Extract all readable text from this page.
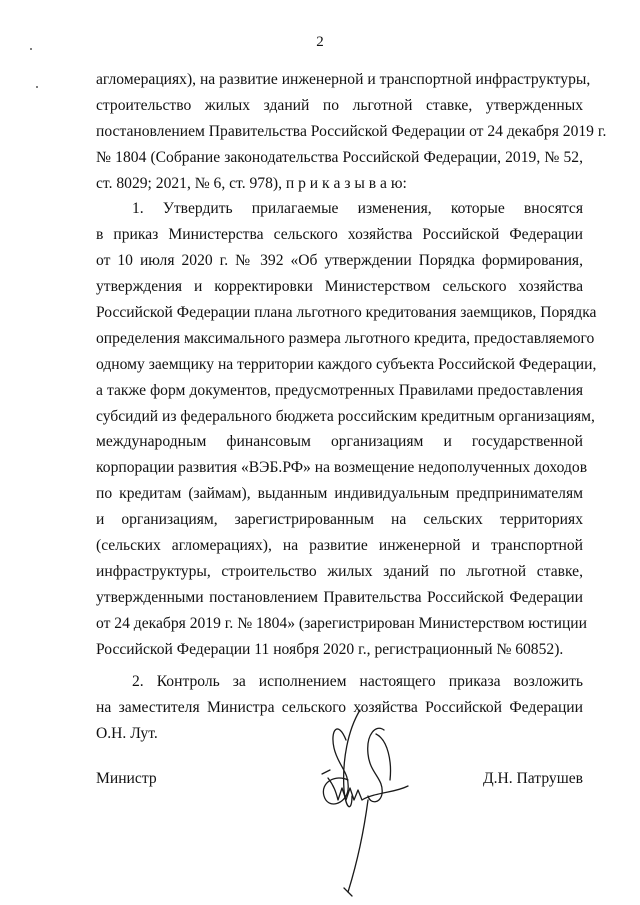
2
агломерациях), на развитие инженерной и транспортной инфраструктуры,
строительство жилых зданий по льготной ставке, утвержденных
постановлением Правительства Российской Федерации от 24 декабря 2019 г.
№ 1804 (Собрание законодательства Российской Федерации, 2019, № 52,
ст. 8029; 2021, № 6, ст. 978), п р и к а з ы в а ю:
1. Утвердить прилагаемые изменения, которые вносятся
в приказ Министерства сельского хозяйства Российской Федерации
от 10 июля 2020 г. № 392 «Об утверждении Порядка формирования,
утверждения и корректировки Министерством сельского хозяйства
Российской Федерации плана льготного кредитования заемщиков, Порядка
определения максимального размера льготного кредита, предоставляемого
одному заемщику на территории каждого субъекта Российской Федерации,
а также форм документов, предусмотренных Правилами предоставления
субсидий из федерального бюджета российским кредитным организациям,
международным финансовым организациям и государственной
корпорации развития «ВЭБ.РФ» на возмещение недополученных доходов
по кредитам (займам), выданным индивидуальным предпринимателям
и организациям, зарегистрированным на сельских территориях
(сельских агломерациях), на развитие инженерной и транспортной
инфраструктуры, строительство жилых зданий по льготной ставке,
утвержденными постановлением Правительства Российской Федерации
от 24 декабря 2019 г. № 1804» (зарегистрирован Министерством юстиции
Российской Федерации 11 ноября 2020 г., регистрационный № 60852).
2. Контроль за исполнением настоящего приказа возложить
на заместителя Министра сельского хозяйства Российской Федерации
О.Н. Лут.
Министр	Д.Н. Патрушев
